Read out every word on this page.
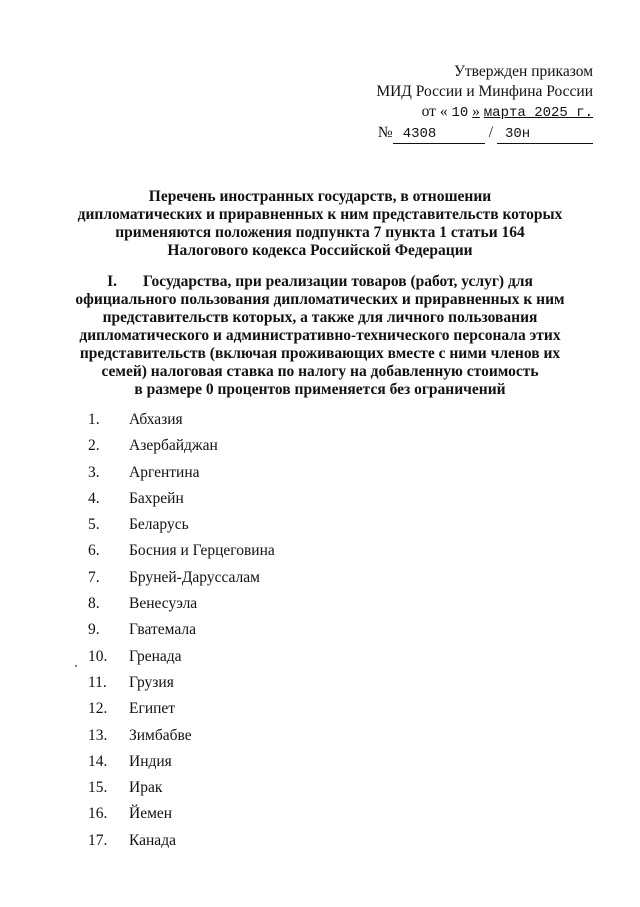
Утвержден приказом
МИД России и Минфина России
от « 10 » марта 2025 г.
№ 4308	/ 30н
Перечень иностранных государств, в отношении
дипломатических и приравненных к ним представительств которых
применяются положения подпункта 7 пункта 1 статьи 164
Налогового кодекса Российской Федерации
I. Государства, при реализации товаров (работ, услуг) для
официального пользования дипломатических и приравненных к ним
представительств которых, а также для личного пользования
дипломатического и административно-технического персонала этих
представительств (включая проживающих вместе с ними членов их
семей) налоговая ставка по налогу на добавленную стоимость
в размере 0 процентов применяется без ограничений
1.	Абхазия
2.	Азербайджан
3.	Аргентина
4.	Бахрейн
5.	Беларусь
6.	Босния и Герцеговина
7.	Бруней-Даруссалам
8.	Венесуэла
9.	Гватемала
10.	Гренада
11.	Грузия
12.	Египет
13.	Зимбабве
14.	Индия
15.	Ирак
16.	Йемен
17.	Канада
